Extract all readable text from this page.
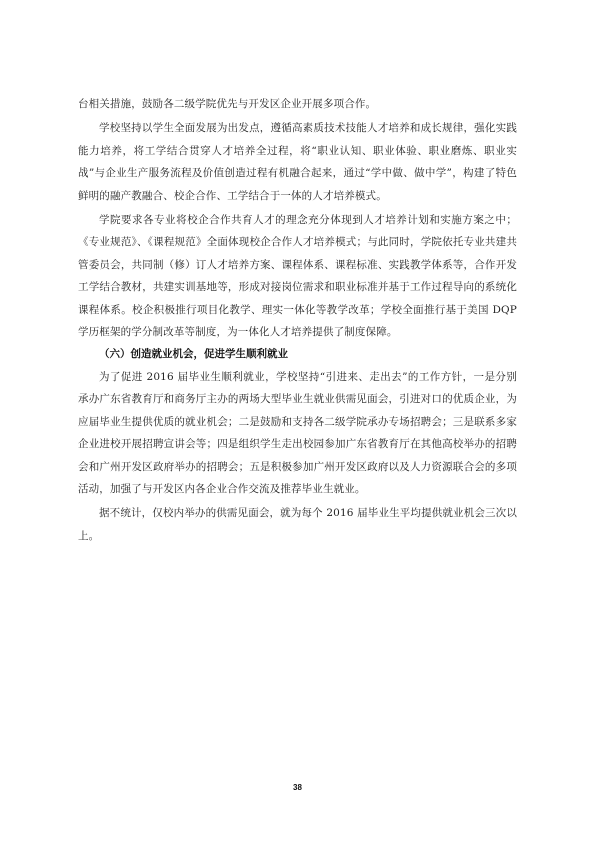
台相关措施，鼓励各二级学院优先与开发区企业开展多项合作。

学校坚持以学生全面发展为出发点，遵循高素质技术技能人才培养和成长规律，强化实践能力培养，将工学结合贯穿人才培养全过程，将“职业认知、职业体验、职业磨炼、职业实战”与企业生产服务流程及价值创造过程有机融合起来，通过“学中做、做中学”，构建了特色鲜明的融产教融合、校企合作、工学结合于一体的人才培养模式。

学院要求各专业将校企合作共育人才的理念充分体现到人才培养计划和实施方案之中；《专业规范》、《课程规范》全面体现校企合作人才培养模式；与此同时，学院依托专业共建共管委员会，共同制（修）订人才培养方案、课程体系、课程标准、实践教学体系等，合作开发工学结合教材，共建实训基地等，形成对接岗位需求和职业标准并基于工作过程导向的系统化课程体系。校企积极推行项目化教学、理实一体化等教学改革；学校全面推行基于美国 DQP 学历框架的学分制改革等制度，为一体化人才培养提供了制度保障。

（六）创造就业机会，促进学生顺利就业

为了促进 2016 届毕业生顺利就业，学校坚持“引进来、走出去”的工作方针，一是分别承办广东省教育厅和商务厅主办的两场大型毕业生就业供需见面会，引进对口的优质企业，为应届毕业生提供优质的就业机会；二是鼓励和支持各二级学院承办专场招聘会；三是联系多家企业进校开展招聘宣讲会等；四是组织学生走出校园参加广东省教育厅在其他高校举办的招聘会和广州开发区政府举办的招聘会；五是积极参加广州开发区政府以及人力资源联合会的多项活动，加强了与开发区内各企业合作交流及推荐毕业生就业。

据不统计，仅校内举办的供需见面会，就为每个 2016 届毕业生平均提供就业机会三次以上。

38
